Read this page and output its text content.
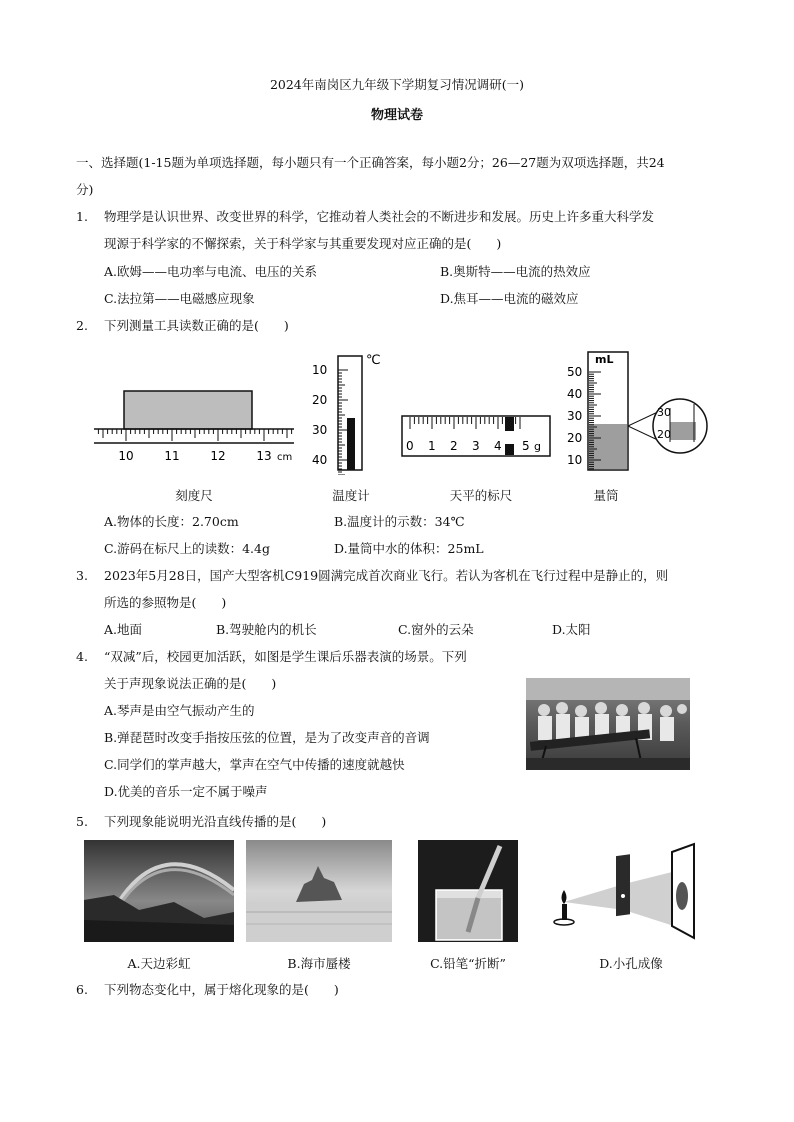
2024年南岗区九年级下学期复习情况调研(一)
物理试卷
一、选择题(1-15题为单项选择题，每小题只有一个正确答案，每小题2分；26—27题为双项选择题，共24
分)
1. 物理学是认识世界、改变世界的科学，它推动着人类社会的不断进步和发展。历史上许多重大科学发
现源于科学家的不懈探索，关于科学家与其重要发现对应正确的是(　　)
A.欧姆——电功率与电流、电压的关系	B.奥斯特——电流的热效应
C.法拉第——电磁感应现象	D.焦耳——电流的磁效应
2. 下列测量工具读数正确的是(　　)
10	11	12	13 cm
刻度尺
℃
10
20
30
40
温度计
0 1 2 3 4 5 g
天平的标尺
mL
50
40
30
20
10
30
20
量筒
A.物体的长度：2.70cm	B.温度计的示数：34℃
C.游码在标尺上的读数：4.4g	D.量筒中水的体积：25mL
3. 2023年5月28日，国产大型客机C919圆满完成首次商业飞行。若认为客机在飞行过程中是静止的，则
所选的参照物是(　　)
A.地面	B.驾驶舱内的机长	C.窗外的云朵	D.太阳
4. “双减”后，校园更加活跃，如图是学生课后乐器表演的场景。下列
关于声现象说法正确的是(　　)
A.琴声是由空气振动产生的
B.弹琵琶时改变手指按压弦的位置，是为了改变声音的音调
C.同学们的掌声越大，掌声在空气中传播的速度就越快
D.优美的音乐一定不属于噪声
5. 下列现象能说明光沿直线传播的是(　　)
A.天边彩虹	B.海市蜃楼	C.铅笔“折断”	D.小孔成像
6. 下列物态变化中，属于熔化现象的是(　　)
